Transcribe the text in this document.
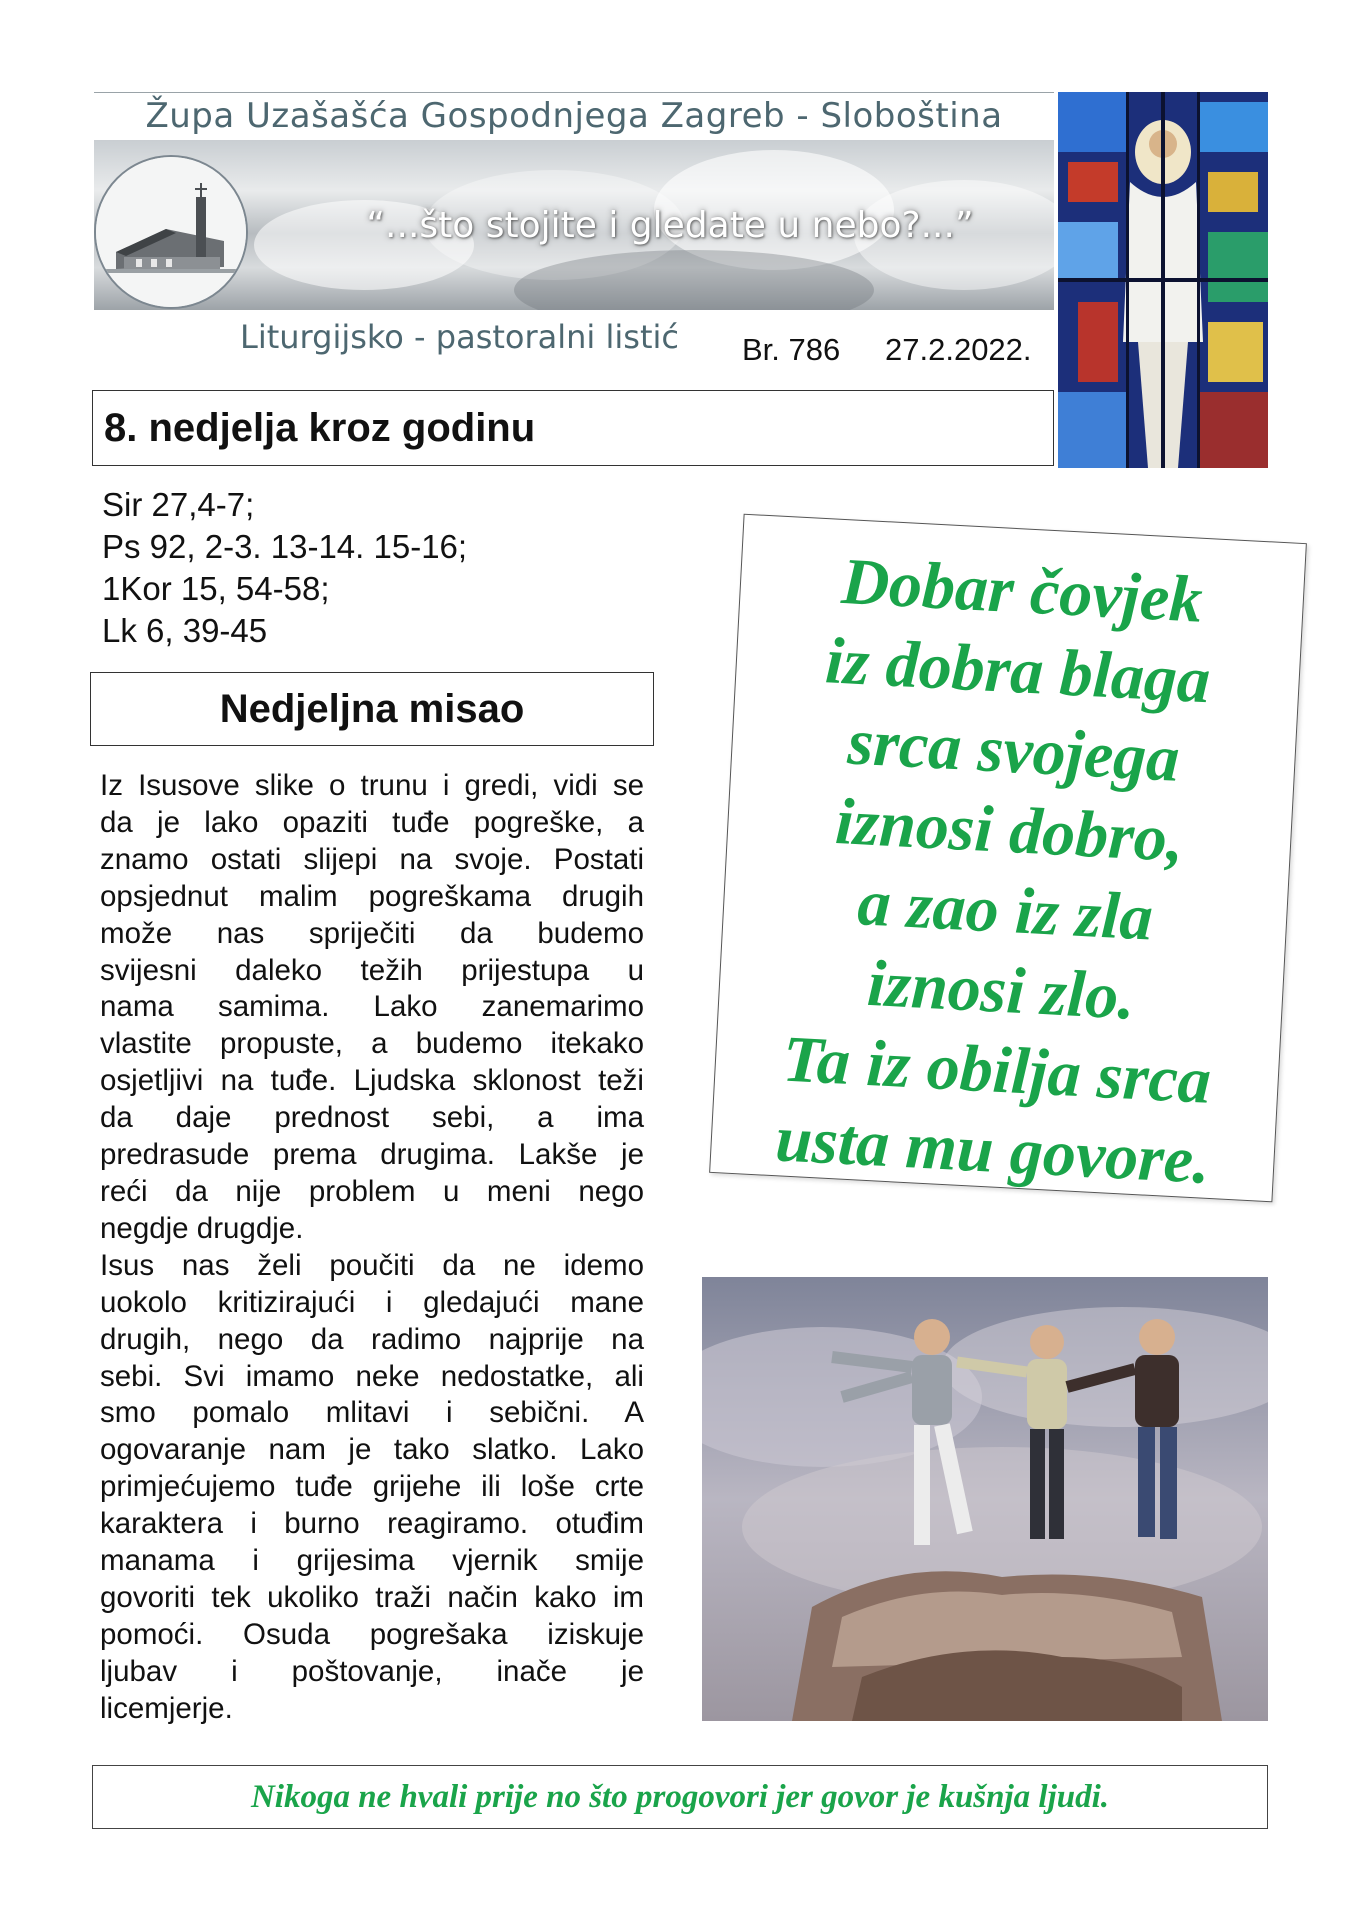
Župa Uzašašća Gospodnjega Zagreb - Sloboština
“...što stojite i gledate u nebo?...”
Liturgijsko - pastoralni listić	Br. 786 27.2.2022.
8. nedjelja kroz godinu
Sir 27,4-7;
Ps 92, 2-3. 13-14. 15-16;
1Kor 15, 54-58;
Lk 6, 39-45
Nedjeljna misao

Iz Isusove slike o trunu i gredi, vidi se
da je lako opaziti tuđe pogreške, a
znamo ostati slijepi na svoje. Postati
opsjednut malim pogreškama drugih
može nas spriječiti da budemo
svijesni daleko težih prijestupa u
nama samima. Lako zanemarimo
vlastite propuste, a budemo itekako
osjetljivi na tuđe. Ljudska sklonost teži
da daje prednost sebi, a ima
predrasude prema drugima. Lakše je
reći da nije problem u meni nego
negdje drugdje.

Isus nas želi poučiti da ne idemo
uokolo kritizirajući i gledajući mane
drugih, nego da radimo najprije na
sebi. Svi imamo neke nedostatke, ali
smo pomalo mlitavi i sebični. A
ogovaranje nam je tako slatko. Lako
primjećujemo tuđe grijehe ili loše crte
karaktera i burno reagiramo. otuđim
manama i grijesima vjernik smije
govoriti tek ukoliko traži način kako im
pomoći. Osuda pogrešaka iziskuje
ljubav i poštovanje, inače je
licemjerje.

Dobar čovjek
iz dobra blaga
srca svojega
iznosi dobro,
a zao iz zla
iznosi zlo.
Ta iz obilja srca
usta mu govore.
Nikoga ne hvali prije no što progovori jer govor je kušnja ljudi.
